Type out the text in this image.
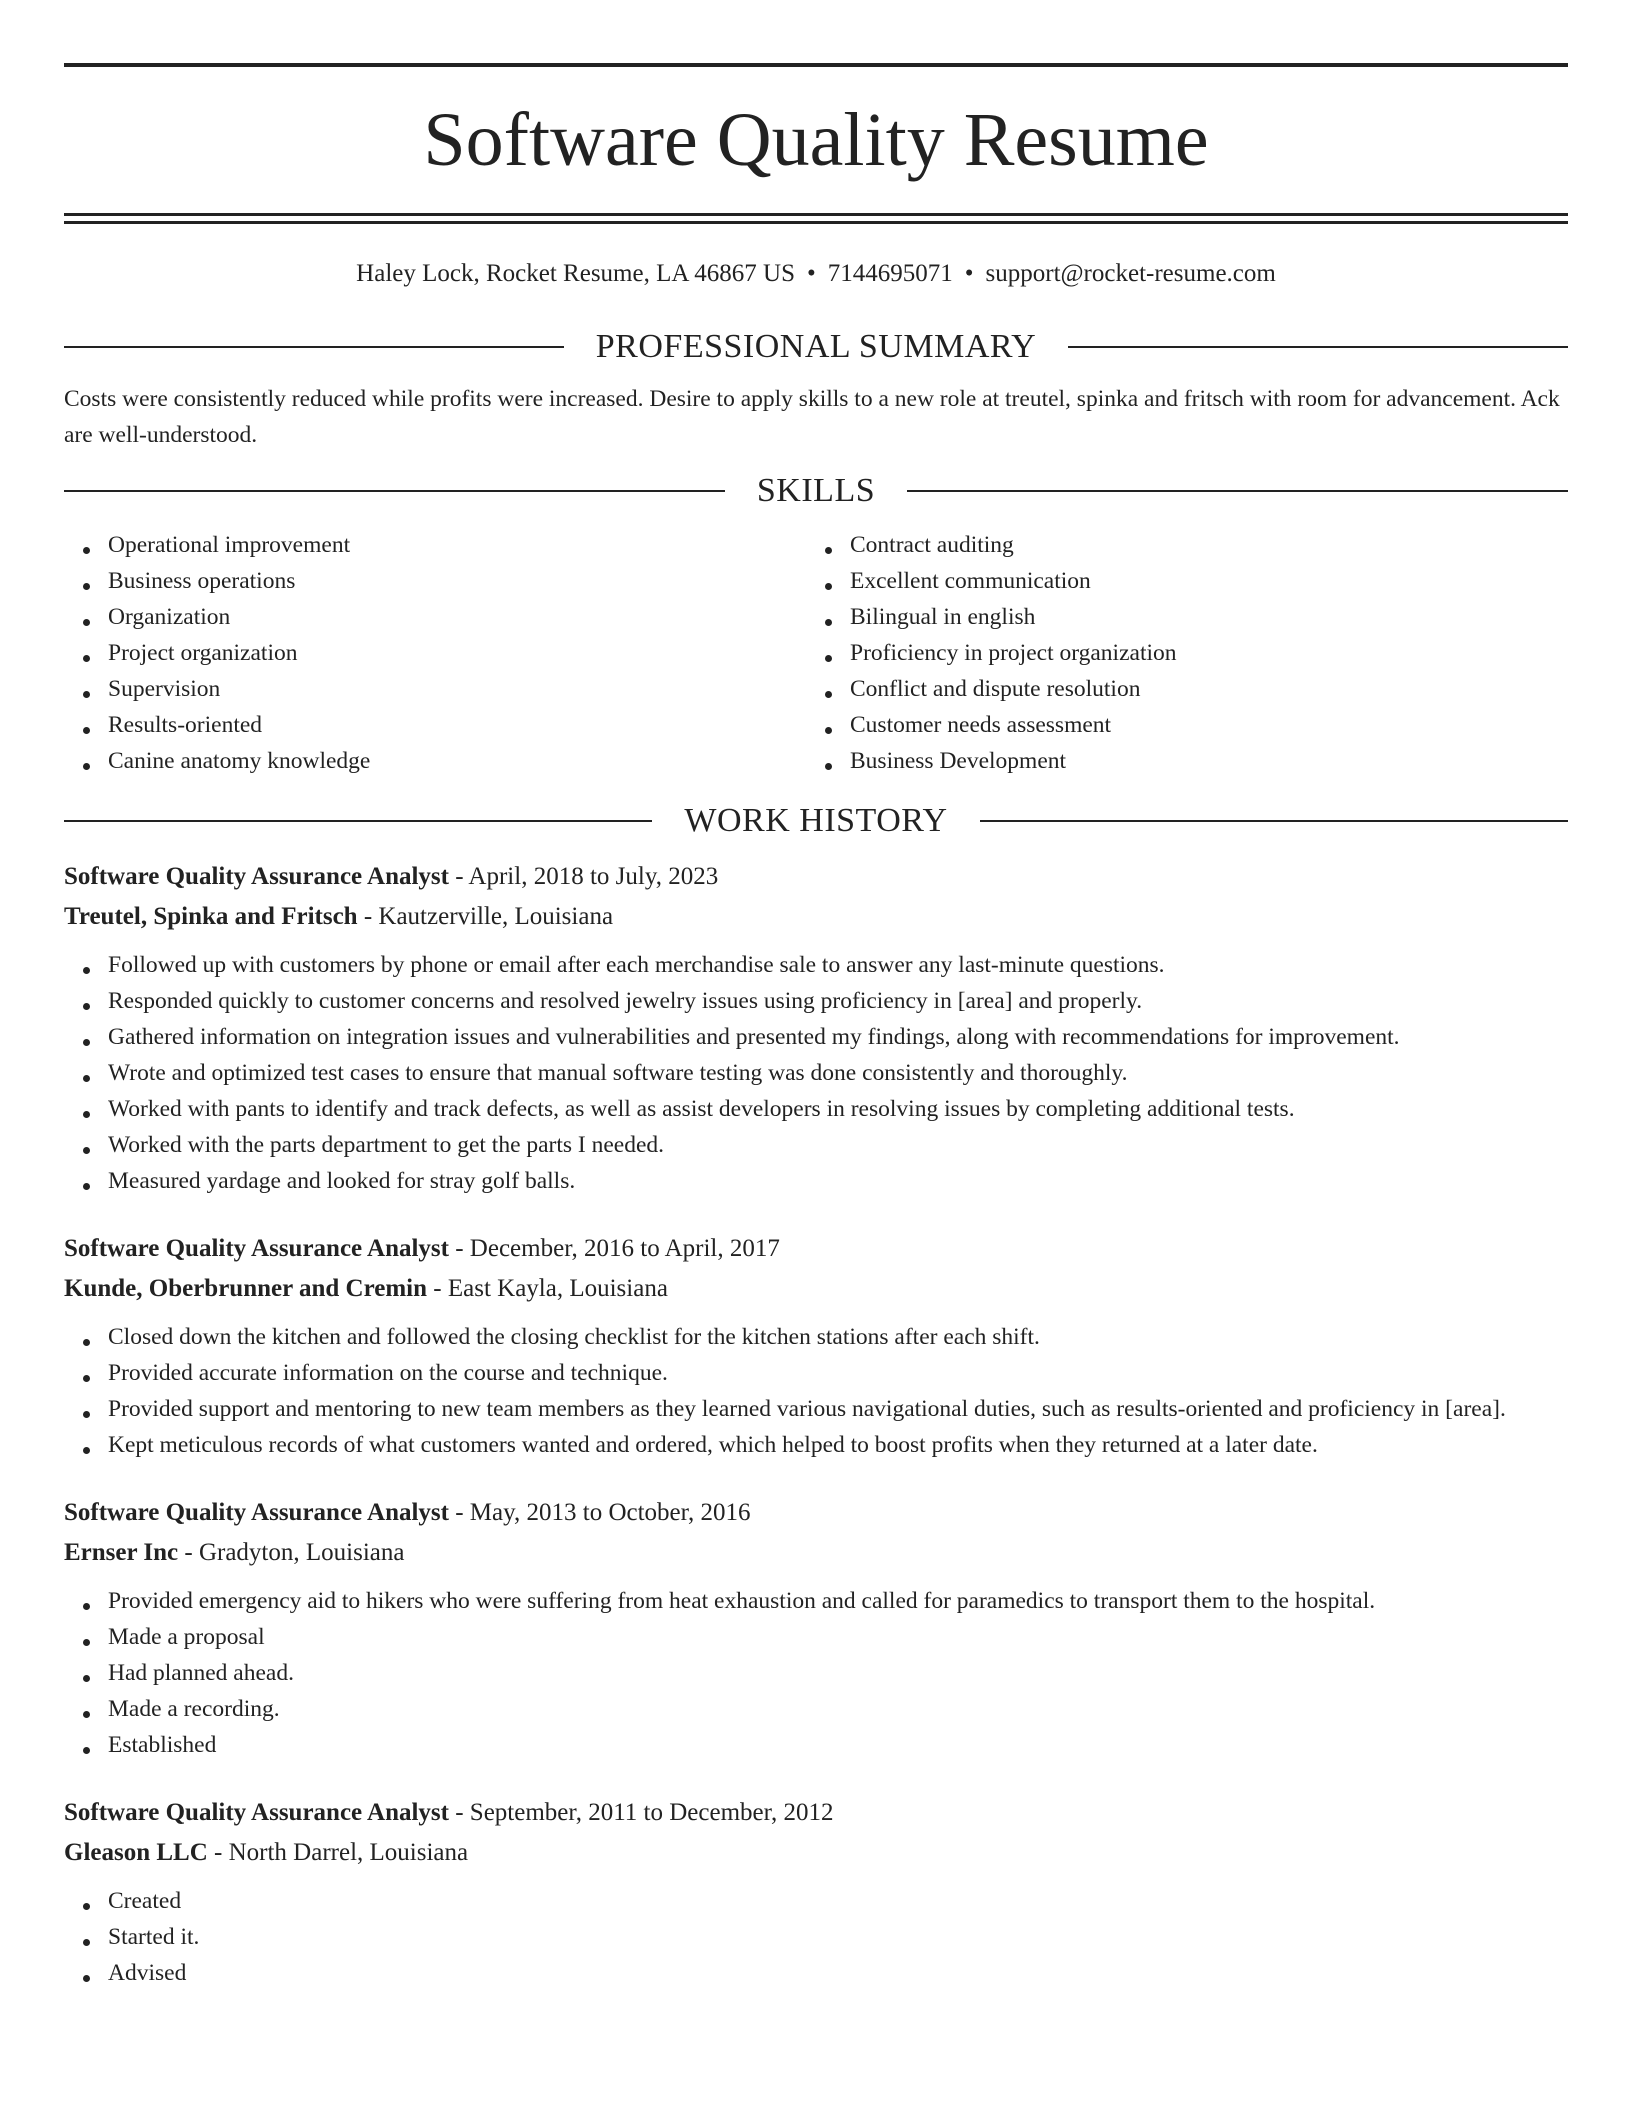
Software Quality Resume
Haley Lock, Rocket Resume, LA 46867 US • 7144695071 • support@rocket-resume.com
PROFESSIONAL SUMMARY
Costs were consistently reduced while profits were increased. Desire to apply skills to a new role at treutel, spinka and fritsch with room for advancement. Ack are well-understood.
SKILLS
Operational improvement
Business operations
Organization
Project organization
Supervision
Results-oriented
Canine anatomy knowledge
Contract auditing
Excellent communication
Bilingual in english
Proficiency in project organization
Conflict and dispute resolution
Customer needs assessment
Business Development
WORK HISTORY
Software Quality Assurance Analyst - April, 2018 to July, 2023
Treutel, Spinka and Fritsch - Kautzerville, Louisiana
Followed up with customers by phone or email after each merchandise sale to answer any last-minute questions.
Responded quickly to customer concerns and resolved jewelry issues using proficiency in [area] and properly.
Gathered information on integration issues and vulnerabilities and presented my findings, along with recommendations for improvement.
Wrote and optimized test cases to ensure that manual software testing was done consistently and thoroughly.
Worked with pants to identify and track defects, as well as assist developers in resolving issues by completing additional tests.
Worked with the parts department to get the parts I needed.
Measured yardage and looked for stray golf balls.
Software Quality Assurance Analyst - December, 2016 to April, 2017
Kunde, Oberbrunner and Cremin - East Kayla, Louisiana
Closed down the kitchen and followed the closing checklist for the kitchen stations after each shift.
Provided accurate information on the course and technique.
Provided support and mentoring to new team members as they learned various navigational duties, such as results-oriented and proficiency in [area].
Kept meticulous records of what customers wanted and ordered, which helped to boost profits when they returned at a later date.
Software Quality Assurance Analyst - May, 2013 to October, 2016
Ernser Inc - Gradyton, Louisiana
Provided emergency aid to hikers who were suffering from heat exhaustion and called for paramedics to transport them to the hospital.
Made a proposal
Had planned ahead.
Made a recording.
Established
Software Quality Assurance Analyst - September, 2011 to December, 2012
Gleason LLC - North Darrel, Louisiana
Created
Started it.
Advised
